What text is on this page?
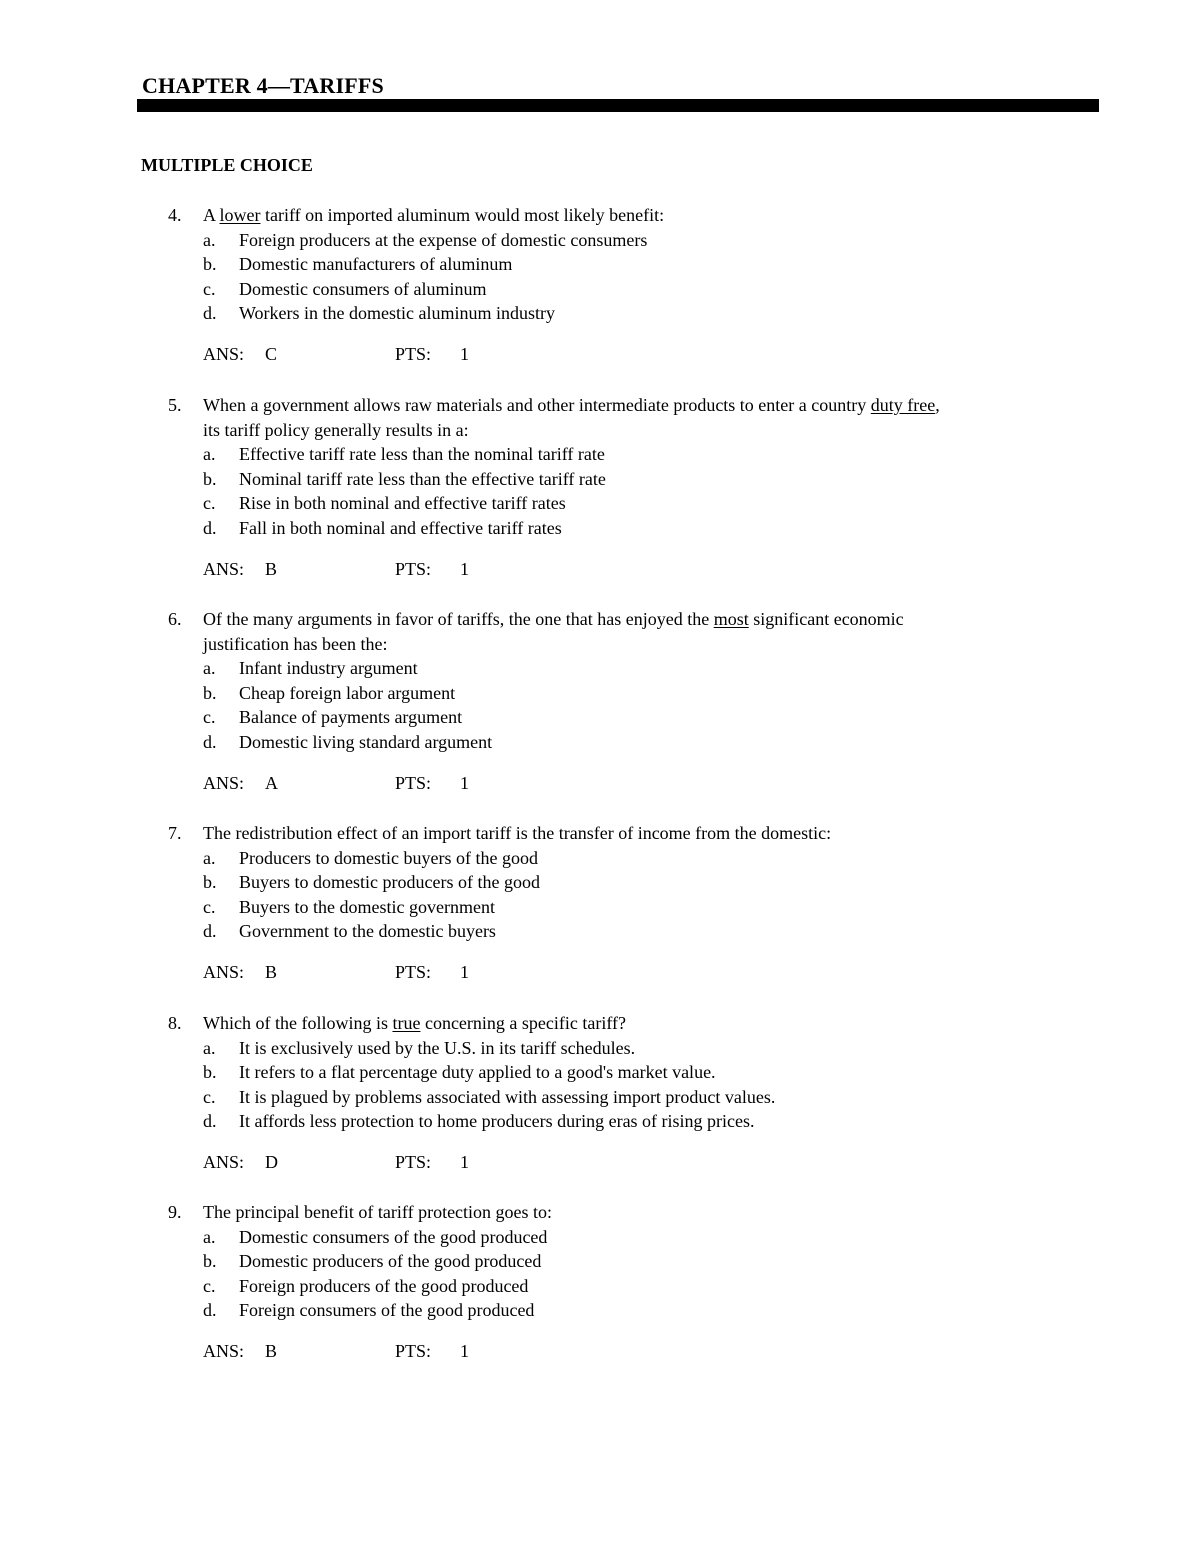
CHAPTER 4—TARIFFS
MULTIPLE CHOICE
4. A lower tariff on imported aluminum would most likely benefit:
a. Foreign producers at the expense of domestic consumers
b. Domestic manufacturers of aluminum
c. Domestic consumers of aluminum
d. Workers in the domestic aluminum industry
ANS: C	PTS: 1
5. When a government allows raw materials and other intermediate products to enter a country duty free,
its tariff policy generally results in a:
a. Effective tariff rate less than the nominal tariff rate
b. Nominal tariff rate less than the effective tariff rate
c. Rise in both nominal and effective tariff rates
d. Fall in both nominal and effective tariff rates
ANS: B	PTS: 1
6. Of the many arguments in favor of tariffs, the one that has enjoyed the most significant economic
justification has been the:
a. Infant industry argument
b. Cheap foreign labor argument
c. Balance of payments argument
d. Domestic living standard argument
ANS: A	PTS: 1
7. The redistribution effect of an import tariff is the transfer of income from the domestic:
a. Producers to domestic buyers of the good
b. Buyers to domestic producers of the good
c. Buyers to the domestic government
d. Government to the domestic buyers
ANS: B	PTS: 1
8. Which of the following is true concerning a specific tariff?
a. It is exclusively used by the U.S. in its tariff schedules.
b. It refers to a flat percentage duty applied to a good's market value.
c. It is plagued by problems associated with assessing import product values.
d. It affords less protection to home producers during eras of rising prices.
ANS: D	PTS: 1
9. The principal benefit of tariff protection goes to:
a. Domestic consumers of the good produced
b. Domestic producers of the good produced
c. Foreign producers of the good produced
d. Foreign consumers of the good produced
ANS: B	PTS: 1
